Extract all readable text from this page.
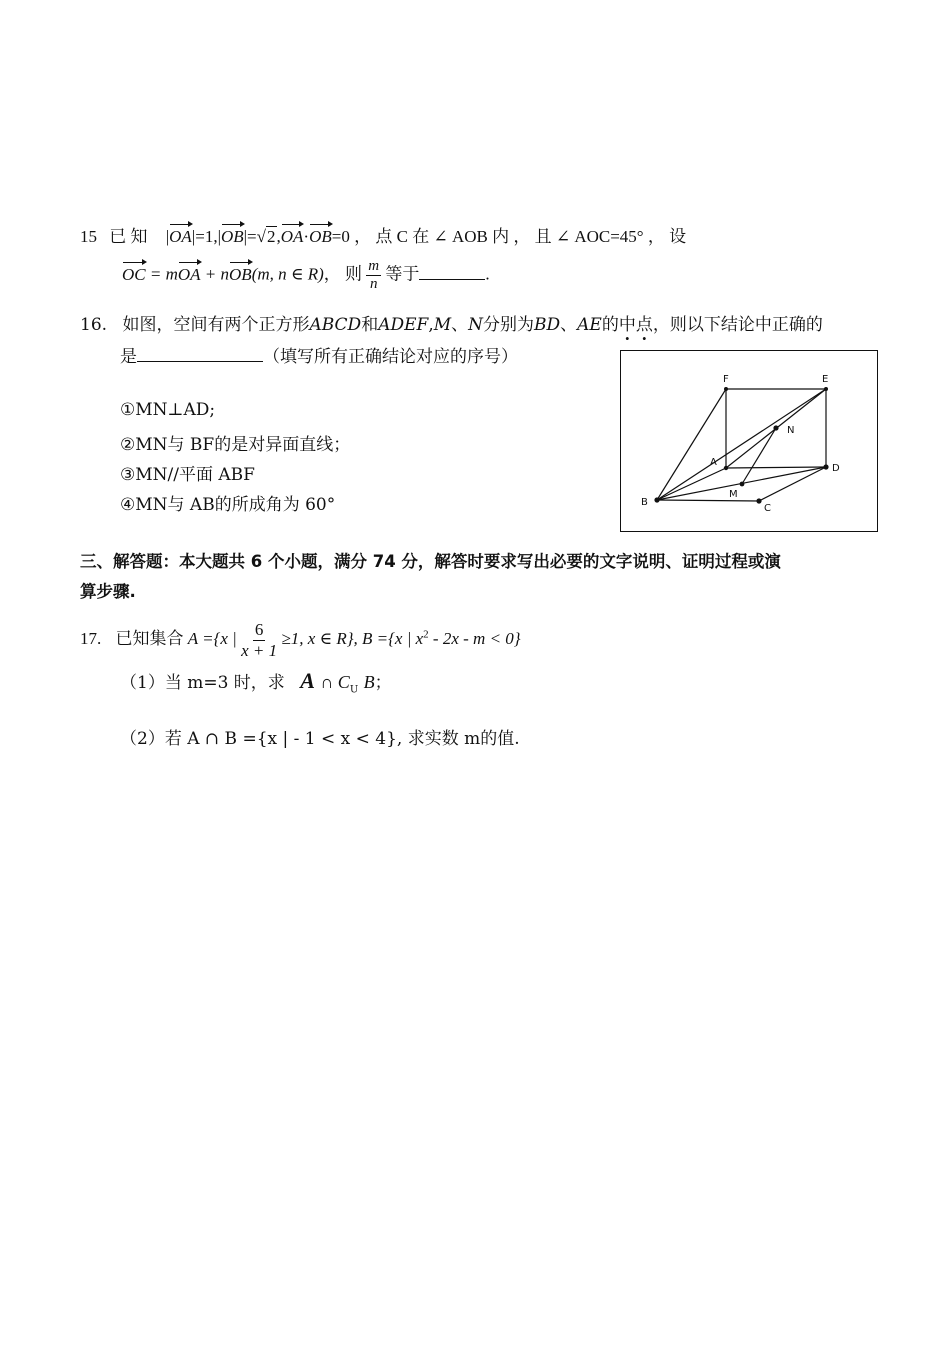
15 已 知 |OA|=1,|OB|=√2,OA·OB=0 ， 点 C 在 ∠ AOB 内 ， 且 ∠ AOC=45° ， 设
OC = mOA + nOB(m, n ∈ R)， 则 $\frac{m}{n}$ 等于	.
16. 如图，空间有两个正方形ABCD和ADEF,M、N分别为BD、AE的中点，则以下结论中正确的
是	（填写所有正确结论对应的序号）
①MN⊥AD;
②MN与 BF的是对异面直线；
③MN//平面 ABF
④MN与 AB的所成角为 60°
F	E
N
A
D
M
B
C
三、解答题：本大题共 6 个小题，满分 74 分，解答时要求写出必要的文字说明、证明过程或演
算步骤.
17. 已知集合 A ={x | $\frac{6}{x + 1} \ge 1$, x ∈ R}, B ={x | $x^2 - 2x - m < 0$}
（1）当 m=3 时，求 A ∩ $C_U$ B；
（2）若 A ∩ B ={x | - 1 < x < 4}, 求实数 m的值.
